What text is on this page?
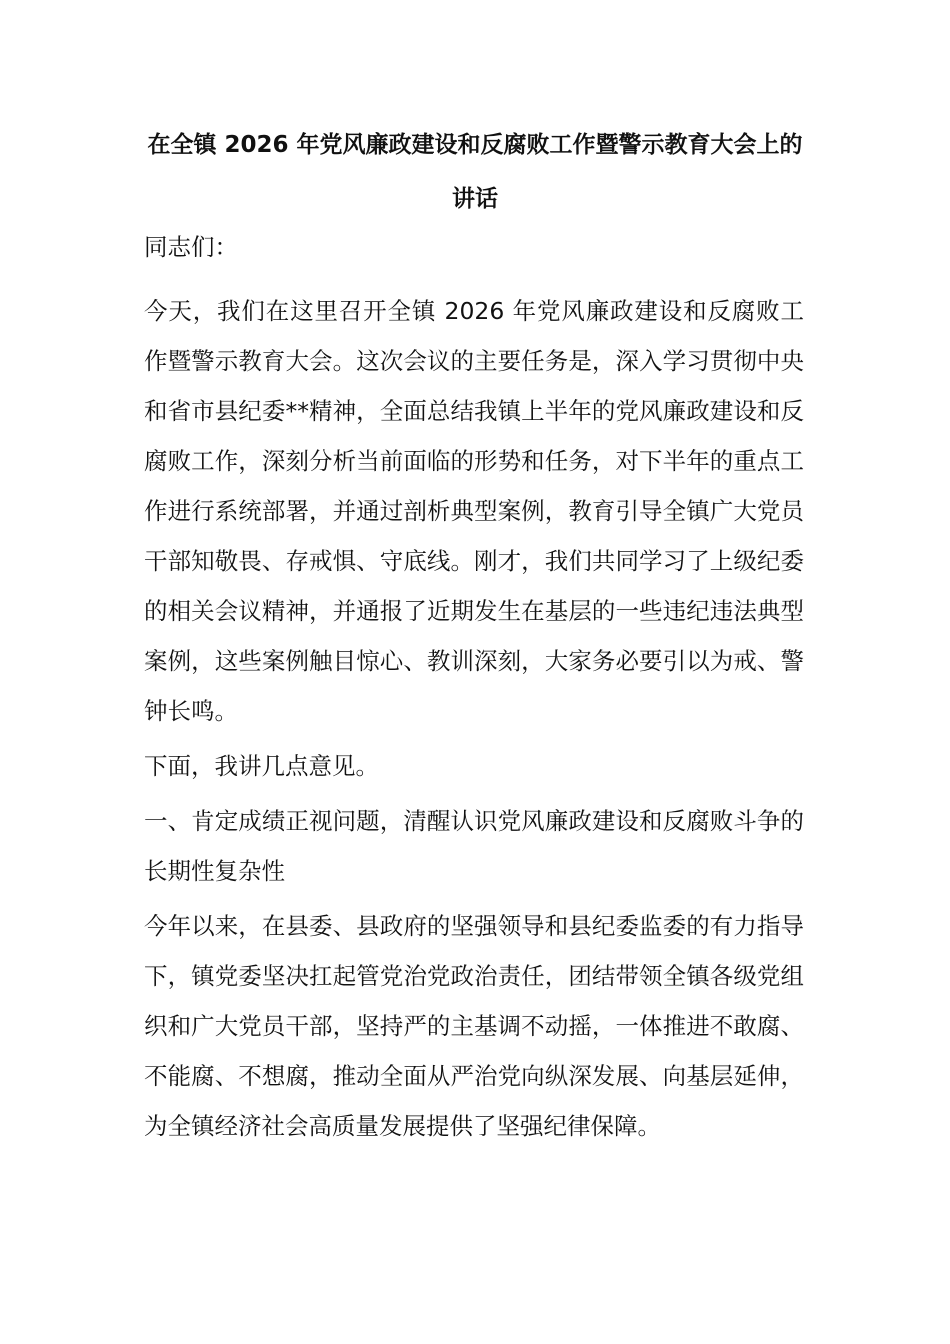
在全镇 2026 年党风廉政建设和反腐败工作暨警示教育大会上的讲话

同志们：

今天，我们在这里召开全镇 2026 年党风廉政建设和反腐败工作暨警示教育大会。这次会议的主要任务是，深入学习贯彻中央和省市县纪委**精神，全面总结我镇上半年的党风廉政建设和反腐败工作，深刻分析当前面临的形势和任务，对下半年的重点工作进行系统部署，并通过剖析典型案例，教育引导全镇广大党员干部知敬畏、存戒惧、守底线。刚才，我们共同学习了上级纪委的相关会议精神，并通报了近期发生在基层的一些违纪违法典型案例，这些案例触目惊心、教训深刻，大家务必要引以为戒、警钟长鸣。

下面，我讲几点意见。

一、肯定成绩正视问题，清醒认识党风廉政建设和反腐败斗争的长期性复杂性

今年以来，在县委、县政府的坚强领导和县纪委监委的有力指导下，镇党委坚决扛起管党治党政治责任，团结带领全镇各级党组织和广大党员干部，坚持严的主基调不动摇，一体推进不敢腐、不能腐、不想腐，推动全面从严治党向纵深发展、向基层延伸，为全镇经济社会高质量发展提供了坚强纪律保障。
